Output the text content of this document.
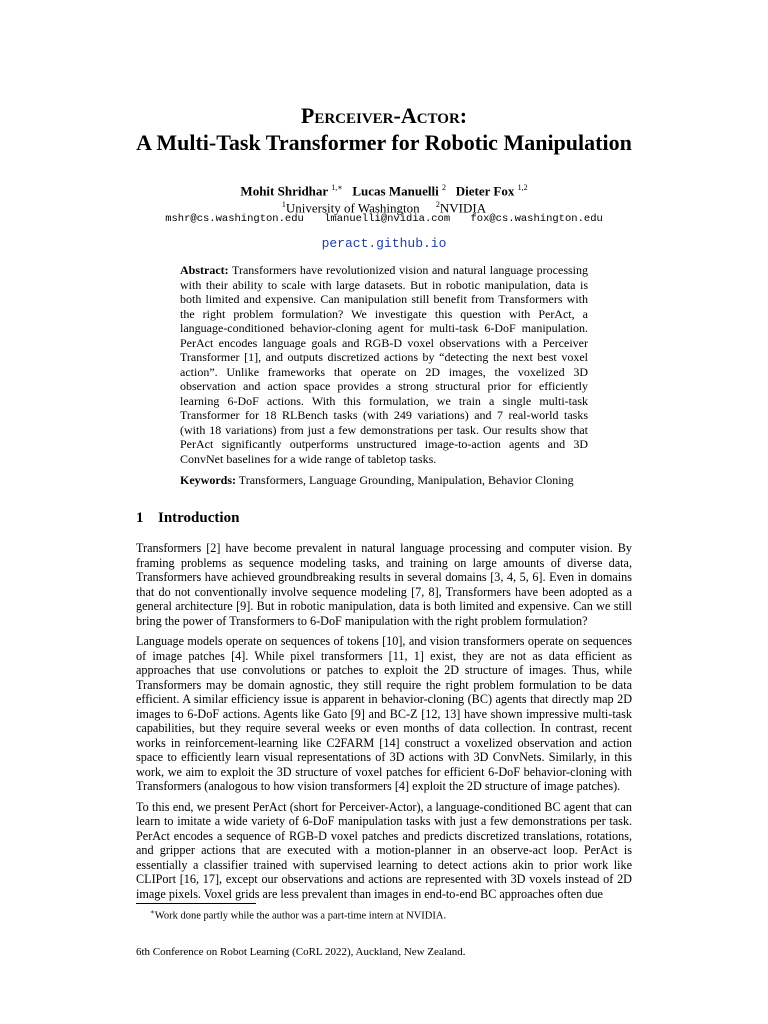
Perceiver-Actor:
A Multi-Task Transformer for Robotic Manipulation
Mohit Shridhar $^{1,∗}$ Lucas Manuelli $^2$ Dieter Fox $^{1,2}$
$^1$University of Washington $^2$NVIDIA
mshr@cs.washington.edu lmanuelli@nvidia.com fox@cs.washington.edu
peract.github.io
Abstract: Transformers have revolutionized vision and natural language processing with their ability to scale with large datasets. But in robotic manipulation, data is both limited and expensive. Can manipulation still benefit from Transformers with the right problem formulation? We investigate this question with PerAct, a language-conditioned behavior-cloning agent for multi-task 6-DoF manipulation. PerAct encodes language goals and RGB-D voxel observations with a Perceiver Transformer [1], and outputs discretized actions by “detecting the next best voxel action”. Unlike frameworks that operate on 2D images, the voxelized 3D observation and action space provides a strong structural prior for efficiently learning 6-DoF actions. With this formulation, we train a single multi-task Transformer for 18 RLBench tasks (with 249 variations) and 7 real-world tasks (with 18 variations) from just a few demonstrations per task. Our results show that PerAct significantly outperforms unstructured image-to-action agents and 3D ConvNet baselines for a wide range of tabletop tasks.
Keywords: Transformers, Language Grounding, Manipulation, Behavior Cloning
1 Introduction

Transformers [2] have become prevalent in natural language processing and computer vision. By framing problems as sequence modeling tasks, and training on large amounts of diverse data, Transformers have achieved groundbreaking results in several domains [3, 4, 5, 6]. Even in domains that do not conventionally involve sequence modeling [7, 8], Transformers have been adopted as a general architecture [9]. But in robotic manipulation, data is both limited and expensive. Can we still bring the power of Transformers to 6-DoF manipulation with the right problem formulation?

Language models operate on sequences of tokens [10], and vision transformers operate on sequences of image patches [4]. While pixel transformers [11, 1] exist, they are not as data efficient as approaches that use convolutions or patches to exploit the 2D structure of images. Thus, while Transformers may be domain agnostic, they still require the right problem formulation to be data efficient. A similar efficiency issue is apparent in behavior-cloning (BC) agents that directly map 2D images to 6-DoF actions. Agents like Gato [9] and BC-Z [12, 13] have shown impressive multi-task capabilities, but they require several weeks or even months of data collection. In contrast, recent works in reinforcement-learning like C2FARM [14] construct a voxelized observation and action space to efficiently learn visual representations of 3D actions with 3D ConvNets. Similarly, in this work, we aim to exploit the 3D structure of voxel patches for efficient 6-DoF behavior-cloning with Transformers (analogous to how vision transformers [4] exploit the 2D structure of image patches).

To this end, we present PerAct (short for Perceiver-Actor), a language-conditioned BC agent that can learn to imitate a wide variety of 6-DoF manipulation tasks with just a few demonstrations per task. PerAct encodes a sequence of RGB-D voxel patches and predicts discretized translations, rotations, and gripper actions that are executed with a motion-planner in an observe-act loop. PerAct is essentially a classifier trained with supervised learning to detect actions akin to prior work like CLIPort [16, 17], except our observations and actions are represented with 3D voxels instead of 2D image pixels. Voxel grids are less prevalent than images in end-to-end BC approaches often due

∗Work done partly while the author was a part-time intern at NVIDIA.
6th Conference on Robot Learning (CoRL 2022), Auckland, New Zealand.
